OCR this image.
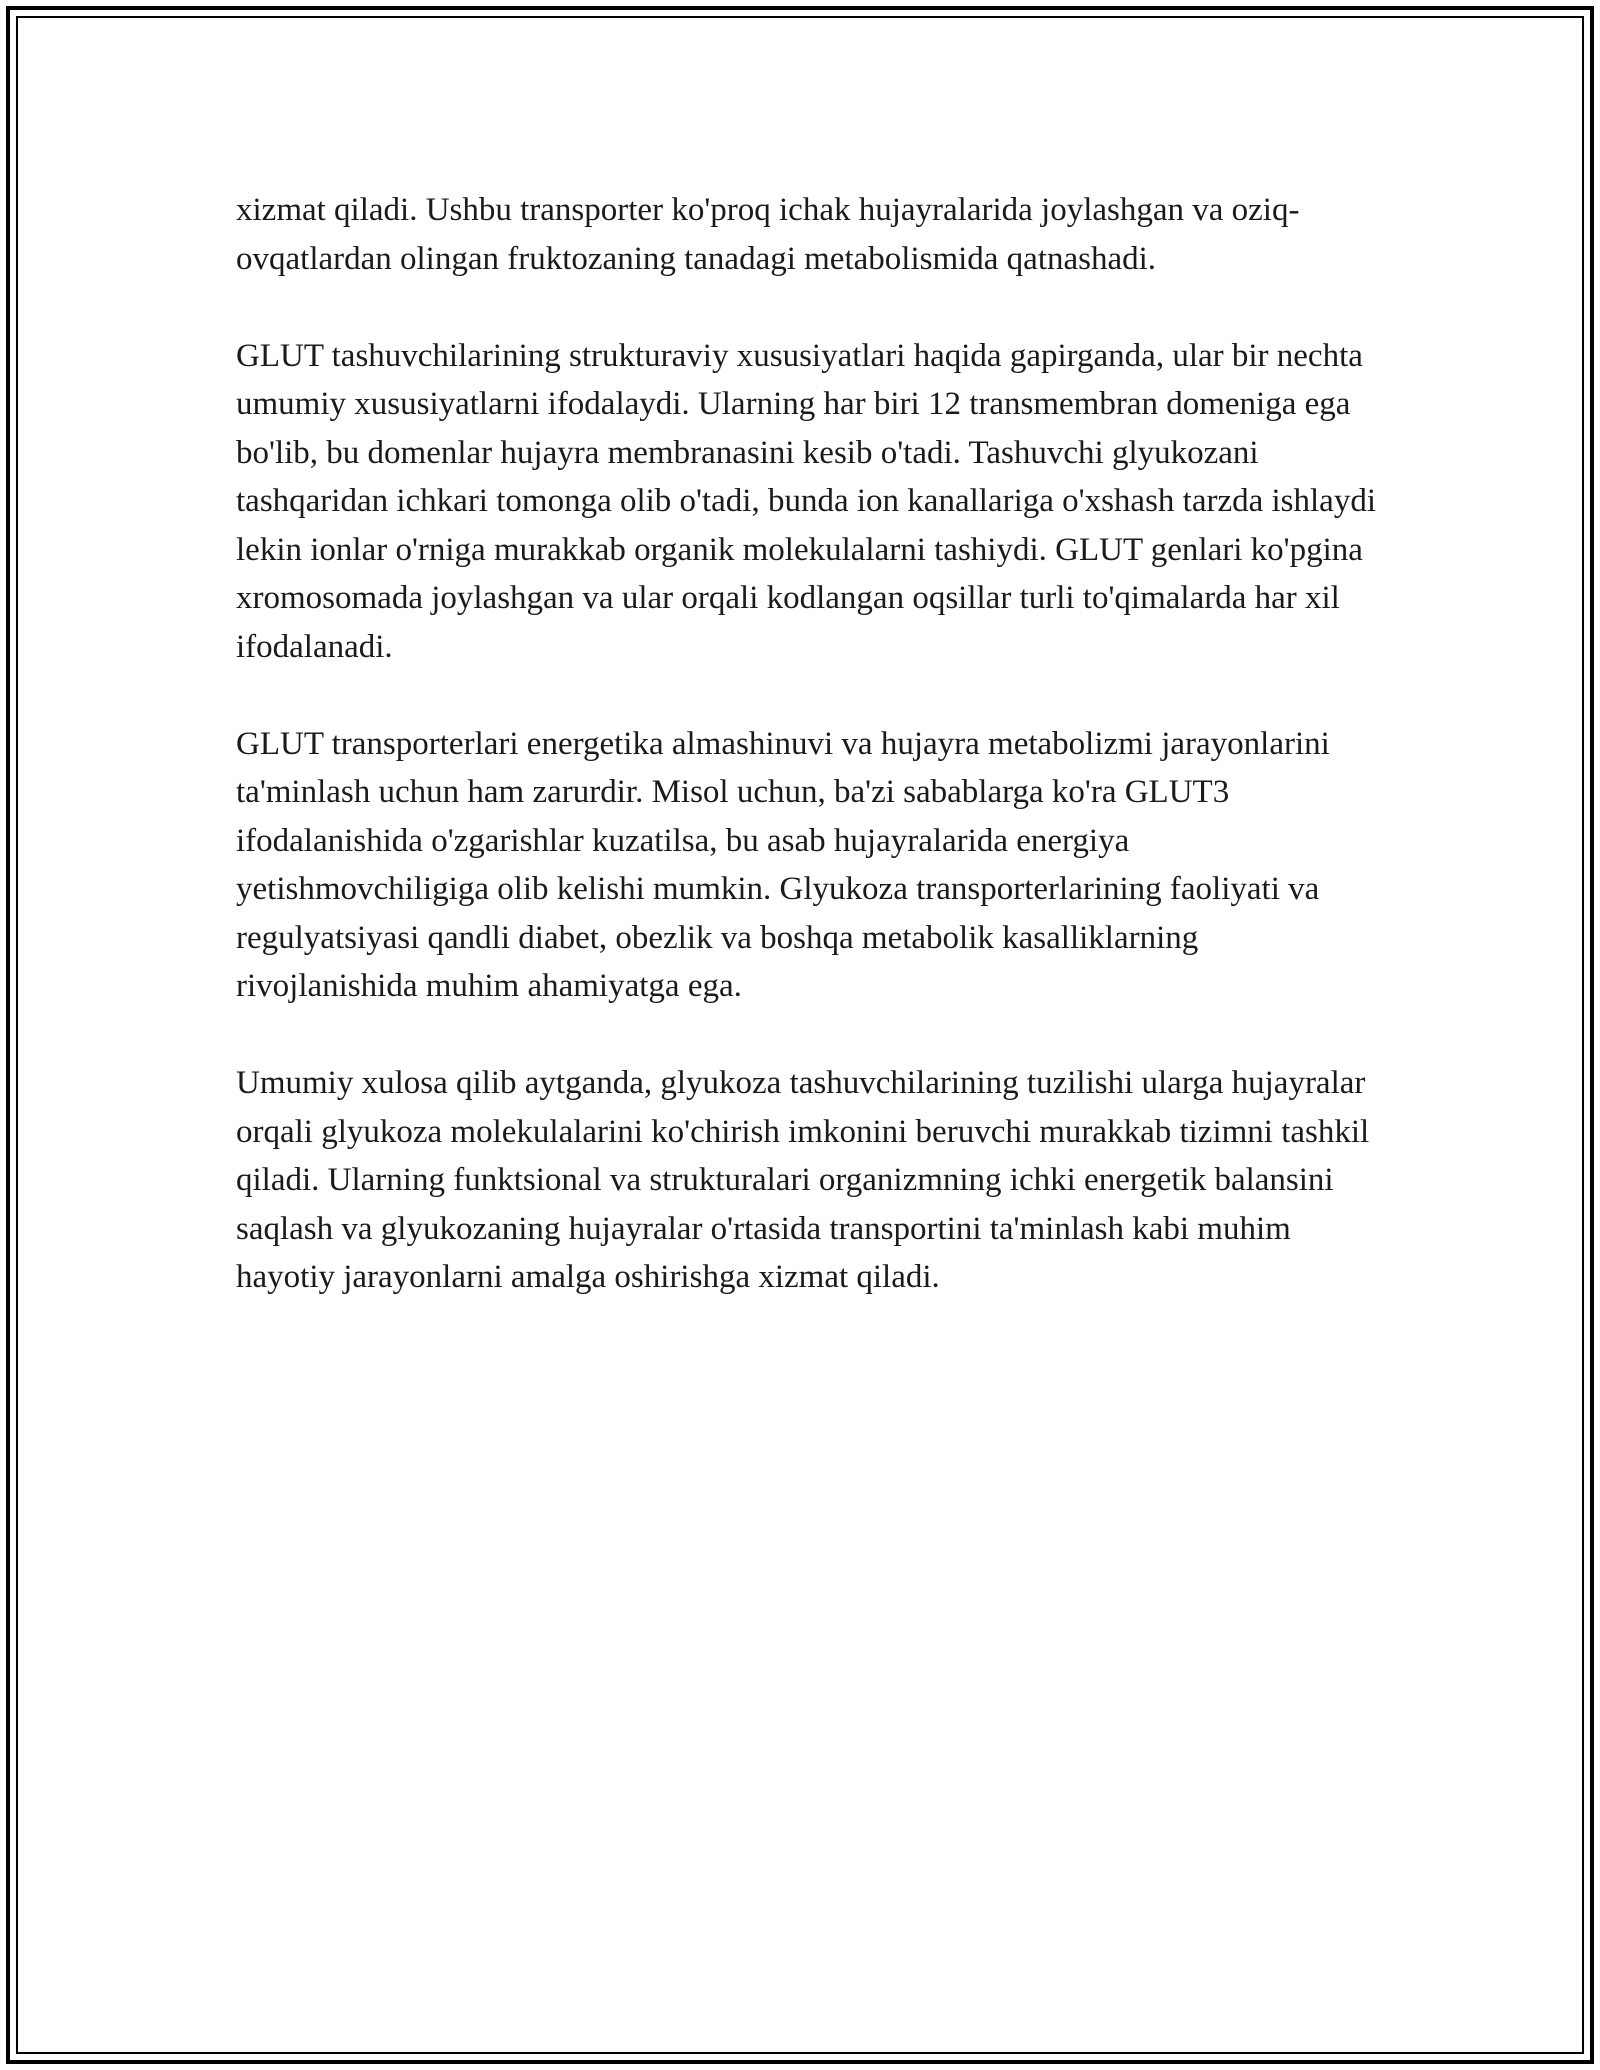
xizmat qiladi. Ushbu transporter ko'proq ichak hujayralarida joylashgan va oziq-ovqatlardan olingan fruktozaning tanadagi metabolismida qatnashadi.

GLUT tashuvchilarining strukturaviy xususiyatlari haqida gapirganda, ular bir nechta umumiy xususiyatlarni ifodalaydi. Ularning har biri 12 transmembran domeniga ega bo'lib, bu domenlar hujayra membranasini kesib o'tadi. Tashuvchi glyukozani tashqaridan ichkari tomonga olib o'tadi, bunda ion kanallariga o'xshash tarzda ishlaydi lekin ionlar o'rniga murakkab organik molekulalarni tashiydi. GLUT genlari ko'pgina xromosomada joylashgan va ular orqali kodlangan oqsillar turli to'qimalarda har xil ifodalanadi.

GLUT transporterlari energetika almashinuvi va hujayra metabolizmi jarayonlarini ta'minlash uchun ham zarurdir. Misol uchun, ba'zi sabablarga ko'ra GLUT3 ifodalanishida o'zgarishlar kuzatilsa, bu asab hujayralarida energiya yetishmovchiligiga olib kelishi mumkin. Glyukoza transporterlarining faoliyati va regulyatsiyasi qandli diabet, obezlik va boshqa metabolik kasalliklarning rivojlanishida muhim ahamiyatga ega.

Umumiy xulosa qilib aytganda, glyukoza tashuvchilarining tuzilishi ularga hujayralar orqali glyukoza molekulalarini ko'chirish imkonini beruvchi murakkab tizimni tashkil qiladi. Ularning funktsional va strukturalari organizmning ichki energetik balansini saqlash va glyukozaning hujayralar o'rtasida transportini ta'minlash kabi muhim hayotiy jarayonlarni amalga oshirishga xizmat qiladi.
